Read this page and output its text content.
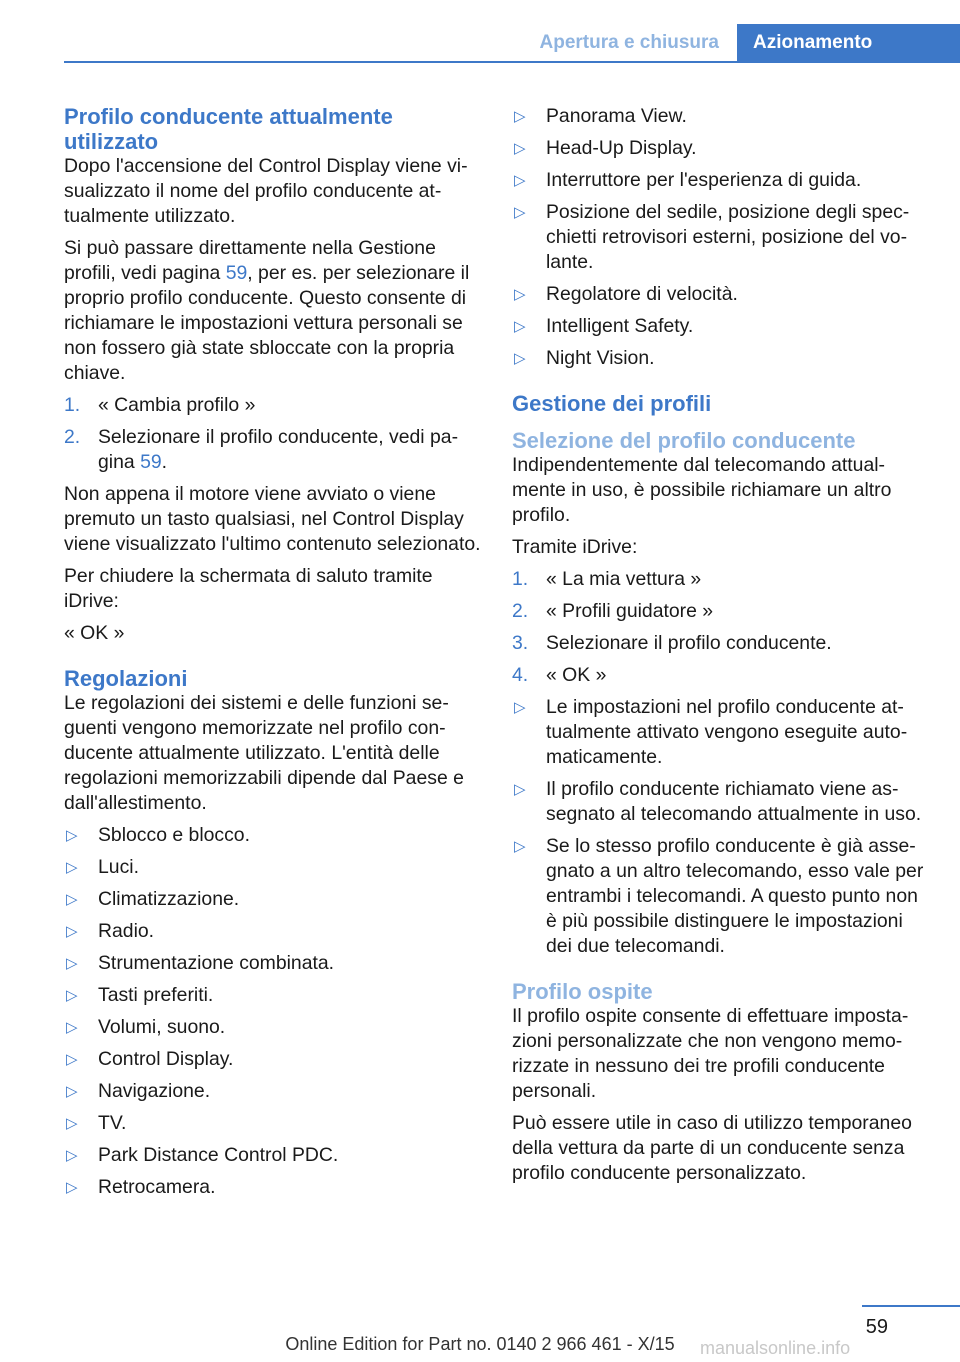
Apertura e chiusura	Azionamento
Profilo conducente attualmente utilizzato

Dopo l'accensione del Control Display viene visualizzato il nome del profilo conducente attualmente utilizzato.

Si può passare direttamente nella Gestione profili, vedi pagina 59, per es. per selezionare il proprio profilo conducente. Questo consente di richiamare le impostazioni vettura personali se non fossero già state sbloccate con la propria chiave.

1. « Cambia profilo »
2. Selezionare il profilo conducente, vedi pagina 59.

Non appena il motore viene avviato o viene premuto un tasto qualsiasi, nel Control Display viene visualizzato l'ultimo contenuto selezionato.

Per chiudere la schermata di saluto tramite iDrive:

« OK »

Regolazioni

Le regolazioni dei sistemi e delle funzioni seguenti vengono memorizzate nel profilo conducente attualmente utilizzato. L'entità delle regolazioni memorizzabili dipende dal Paese e dall'allestimento.

▷ Sblocco e blocco.
▷ Luci.
▷ Climatizzazione.
▷ Radio.
▷ Strumentazione combinata.
▷ Tasti preferiti.
▷ Volumi, suono.
▷ Control Display.
▷ Navigazione.
▷ TV.
▷ Park Distance Control PDC.
▷ Retrocamera.
▷ Panorama View.
▷ Head-Up Display.
▷ Interruttore per l'esperienza di guida.
▷ Posizione del sedile, posizione degli specchietti retrovisori esterni, posizione del volante.
▷ Regolatore di velocità.
▷ Intelligent Safety.
▷ Night Vision.
Gestione dei profili
Selezione del profilo conducente

Indipendentemente dal telecomando attualmente in uso, è possibile richiamare un altro profilo.

Tramite iDrive:

1. « La mia vettura »
2. « Profili guidatore »
3. Selezionare il profilo conducente.
4. « OK »
▷ Le impostazioni nel profilo conducente attualmente attivato vengono eseguite automaticamente.
▷ Il profilo conducente richiamato viene assegnato al telecomando attualmente in uso.
▷ Se lo stesso profilo conducente è già assegnato a un altro telecomando, esso vale per entrambi i telecomandi. A questo punto non è più possibile distinguere le impostazioni dei due telecomandi.
Profilo ospite

Il profilo ospite consente di effettuare impostazioni personalizzate che non vengono memorizzate in nessuno dei tre profili conducente personali.

Può essere utile in caso di utilizzo temporaneo della vettura da parte di un conducente senza profilo conducente personalizzato.

59
Online Edition for Part no. 0140 2 966 461 - X/15	manualsonline.info
